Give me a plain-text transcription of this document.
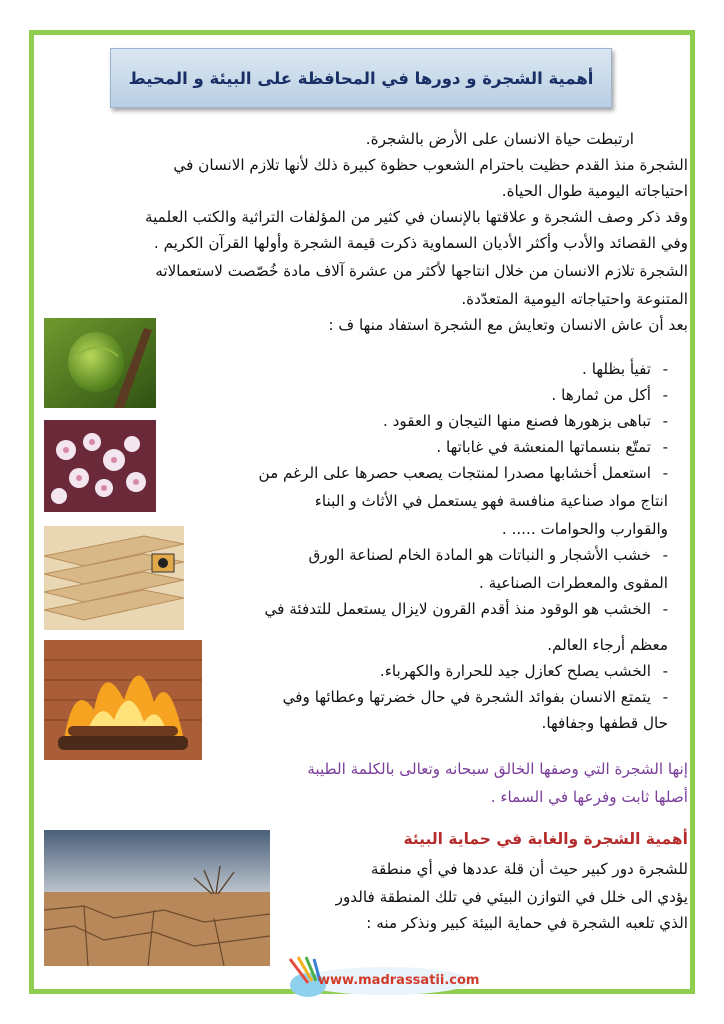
أهمية الشجرة و دورها في المحافظة على البيئة و المحيط
ارتبطت حياة الانسان على الأرض بالشجرة.
الشجرة منذ القدم حظيت باحترام الشعوب حظوة كبيرة ذلك لأنها تلازم الانسان في
احتياجاته اليومية طوال الحياة.
وقد ذكر وصف الشجرة و علاقتها بالإنسان في كثير من المؤلفات التراثية والكتب العلمية
وفي القصائد والأدب وأكثر الأديان السماوية ذكرت قيمة الشجرة وأولها القرآن الكريم .
الشجرة تلازم الانسان من خلال انتاجها لأكثر من عشرة آلاف مادة خُصّصت لاستعمالاته
المتنوعة واحتياجاته اليومية المتعدّدة.
بعد أن عاش الانسان وتعايش مع الشجرة استفاد منها ف :
تفيأ بظلها . -
أكل من ثمارها . -
تباهى بزهورها فصنع منها التيجان و العقود . -
تمتّع بنسماتها المنعشة في غاباتها . -
استعمل أخشابها مصدرا لمنتجات يصعب حصرها على الرغم من -
انتاج مواد صناعية منافسة فهو يستعمل في الأثاث و البناء
والقوارب والحوامات ..... .
خشب الأشجار و النباتات هو المادة الخام لصناعة الورق -
المقوى والمعطرات الصناعية .
الخشب هو الوقود منذ أقدم القرون لايزال يستعمل للتدفئة في -
معظم أرجاء العالم.
الخشب يصلح كعازل جيد للحرارة والكهرباء. -
يتمتع الانسان بفوائد الشجرة في حال خضرتها وعطائها وفي -
حال قطفها وجفافها.
إنها الشجرة التي وصفها الخالق سبحانه وتعالى بالكلمة الطيبة
أصلها ثابت وفرعها في السماء .
أهمية الشجرة والغابة في حماية البيئة
للشجرة دور كبير حيث أن قلة عددها في أي منطقة
يؤدي الى خلل في التوازن البيئي في تلك المنطقة فالدور
الذي تلعبه الشجرة في حماية البيئة كبير ونذكر منه :
www.madrassatii.com
